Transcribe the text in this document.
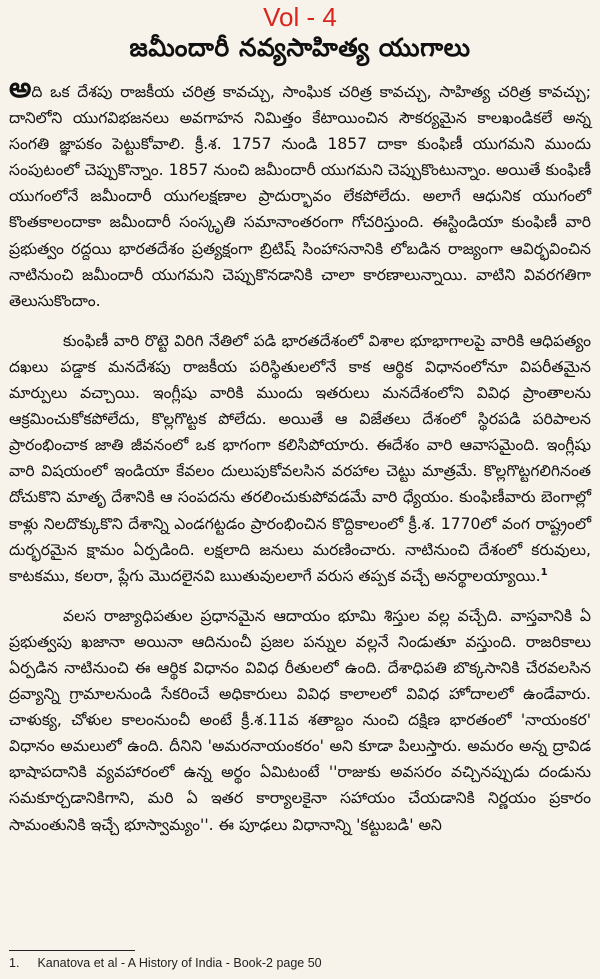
Vol - 4
జమీందారీ నవ్యసాహిత్య యుగాలు

అది ఒక దేశపు రాజకీయ చరిత్ర కావచ్చు, సాంఘిక చరిత్ర కావచ్చు, సాహిత్య చరిత్ర కావచ్చు; దానిలోని యుగవిభజనలు అవగాహన నిమిత్తం కేటాయించిన సౌకర్యమైన కాలఖండికలే అన్న సంగతి జ్ఞాపకం పెట్టుకోవాలి. క్రీ.శ. 1757 నుండి 1857 దాకా కుంఫిణీ యుగమని ముందు సంపుటంలో చెప్పుకొన్నాం. 1857 నుంచి జమీందారీ యుగమని చెప్పుకొంటున్నాం. అయితే కుంఫిణీ యుగంలోనే జమీందారీ యుగలక్షణాల ప్రాదుర్భావం లేకపోలేదు. అలాగే ఆధునిక యుగంలో కొంతకాలందాకా జమీందారీ సంస్కృతి సమానాంతరంగా గోచరిస్తుంది. ఈస్టిండియా కుంఫిణీ వారి ప్రభుత్వం రద్దయి భారతదేశం ప్రత్యక్షంగా బ్రిటిష్ సింహాసనానికి లోబడిన రాజ్యంగా ఆవిర్భవించిన నాటినుంచి జమీందారీ యుగమని చెప్పుకొనడానికి చాలా కారణాలున్నాయి. వాటిని వివరగతిగా తెలుసుకొందాం.

కుంఫిణీ వారి రొట్టె విరిగి నేతిలో పడి భారతదేశంలో విశాల భూభాగాలపై వారికి ఆధిపత్యం దఖలు పడ్డాక మనదేశపు రాజకీయ పరిస్థితులలోనే కాక ఆర్థిక విధానంలోనూ విపరీతమైన మార్పులు వచ్చాయి. ఇంగ్లీషు వారికి ముందు ఇతరులు మనదేశంలోని వివిధ ప్రాంతాలను ఆక్రమించుకోకపోలేదు, కొల్లగొట్టక పోలేదు. అయితే ఆ విజేతలు దేశంలో స్థిరపడి పరిపాలన ప్రారంభించాక జాతి జీవనంలో ఒక భాగంగా కలిసిపోయారు. ఈదేశం వారి ఆవాసమైంది. ఇంగ్లీషు వారి విషయంలో ఇండియా కేవలం దులుపుకోవలసిన వరహాల చెట్టు మాత్రమే. కొల్లగొట్టగలిగినంత దోచుకొని మాతృ దేశానికి ఆ సంపదను తరలించుకుపోవడమే వారి ధ్యేయం. కుంఫిణీవారు బెంగాల్లో కాళ్లు నిలదొక్కుకొని దేశాన్ని ఎండగట్టడం ప్రారంభించిన కొద్దికాలంలో క్రీ.శ. 1770లో వంగ రాష్ట్రంలో దుర్భరమైన క్షామం ఏర్పడింది. లక్షలాది జనులు మరణించారు. నాటినుంచి దేశంలో కరువులు, కాటకము, కలరా, ప్లేగు మొదలైనవి ఋతువులలాగే వరుస తప్పక వచ్చే అనర్థాలయ్యాయి.$^1$

వలస రాజ్యాధిపతుల ప్రధానమైన ఆదాయం భూమి శిస్తుల వల్ల వచ్చేది. వాస్తవానికి ఏ ప్రభుత్వపు ఖజానా అయినా ఆదినుంచీ ప్రజల పన్నుల వల్లనే నిండుతూ వస్తుంది. రాజరికాలు ఏర్పడిన నాటినుంచి ఈ ఆర్థిక విధానం వివిధ రీతులలో ఉంది. దేశాధిపతి బొక్కసానికి చేరవలసిన ద్రవ్యాన్ని గ్రామాలనుండి సేకరించే అధికారులు వివిధ కాలాలలో వివిధ హోదాలలో ఉండేవారు. చాళుక్య, చోళుల కాలంనుంచీ అంటే క్రీ.శ.11వ శతాబ్దం నుంచి దక్షిణ భారతంలో 'నాయంకర' విధానం అమలులో ఉంది. దీనిని 'అమరనాయంకరం' అని కూడా పిలుస్తారు. అమరం అన్న ద్రావిడ భాషాపదానికి వ్యవహారంలో ఉన్న అర్థం ఏమిటంటే ''రాజుకు అవసరం వచ్చినప్పుడు దండును సమకూర్చడానికిగాని, మరి ఏ ఇతర కార్యాలకైనా సహాయం చేయడానికి నిర్ణయం ప్రకారం సామంతునికి ఇచ్చే భూస్వామ్యం''. ఈ పూఢలు విధానాన్ని 'కట్టుబడి' అని

1. Kanatova et al - A History of India - Book-2 page 50
